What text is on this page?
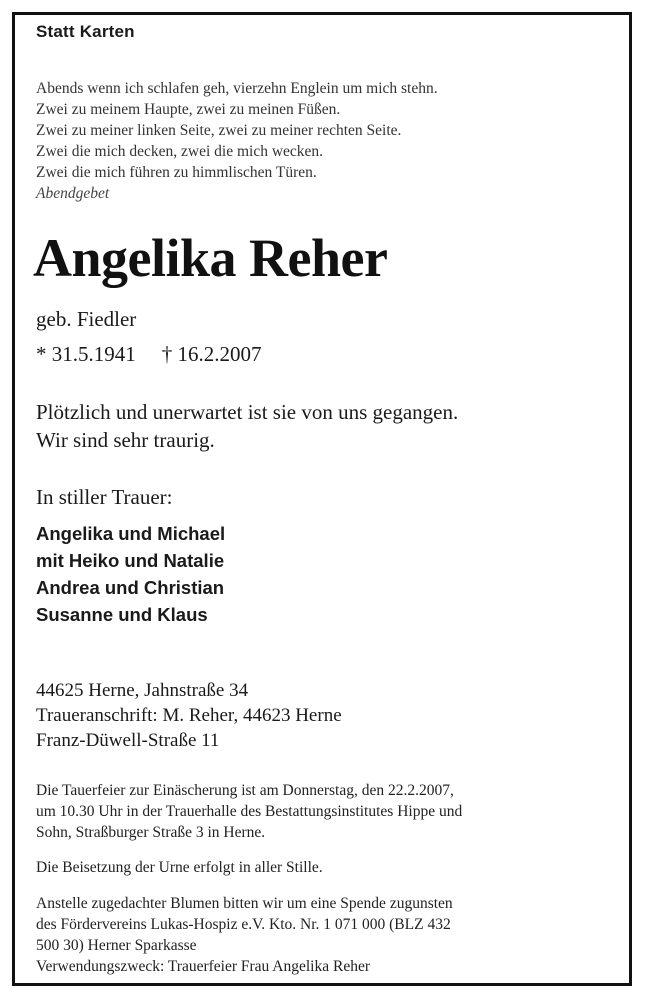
Statt Karten
Abends wenn ich schlafen geh, vierzehn Englein um mich stehn.
Zwei zu meinem Haupte, zwei zu meinen Füßen.
Zwei zu meiner linken Seite, zwei zu meiner rechten Seite.
Zwei die mich decken, zwei die mich wecken.
Zwei die mich führen zu himmlischen Türen.
Abendgebet
Angelika Reher
geb. Fiedler
* 31.5.1941 † 16.2.2007
Plötzlich und unerwartet ist sie von uns gegangen.
Wir sind sehr traurig.
In stiller Trauer:
Angelika und Michael
mit Heiko und Natalie
Andrea und Christian
Susanne und Klaus
44625 Herne, Jahnstraße 34
Traueranschrift: M. Reher, 44623 Herne
Franz-Düwell-Straße 11
Die Tauerfeier zur Einäscherung ist am Donnerstag, den 22.2.2007,
um 10.30 Uhr in der Trauerhalle des Bestattungsinstitutes Hippe und
Sohn, Straßburger Straße 3 in Herne.
Die Beisetzung der Urne erfolgt in aller Stille.
Anstelle zugedachter Blumen bitten wir um eine Spende zugunsten
des Fördervereins Lukas-Hospiz e.V. Kto. Nr. 1 071 000 (BLZ 432
500 30) Herner Sparkasse
Verwendungszweck: Trauerfeier Frau Angelika Reher
